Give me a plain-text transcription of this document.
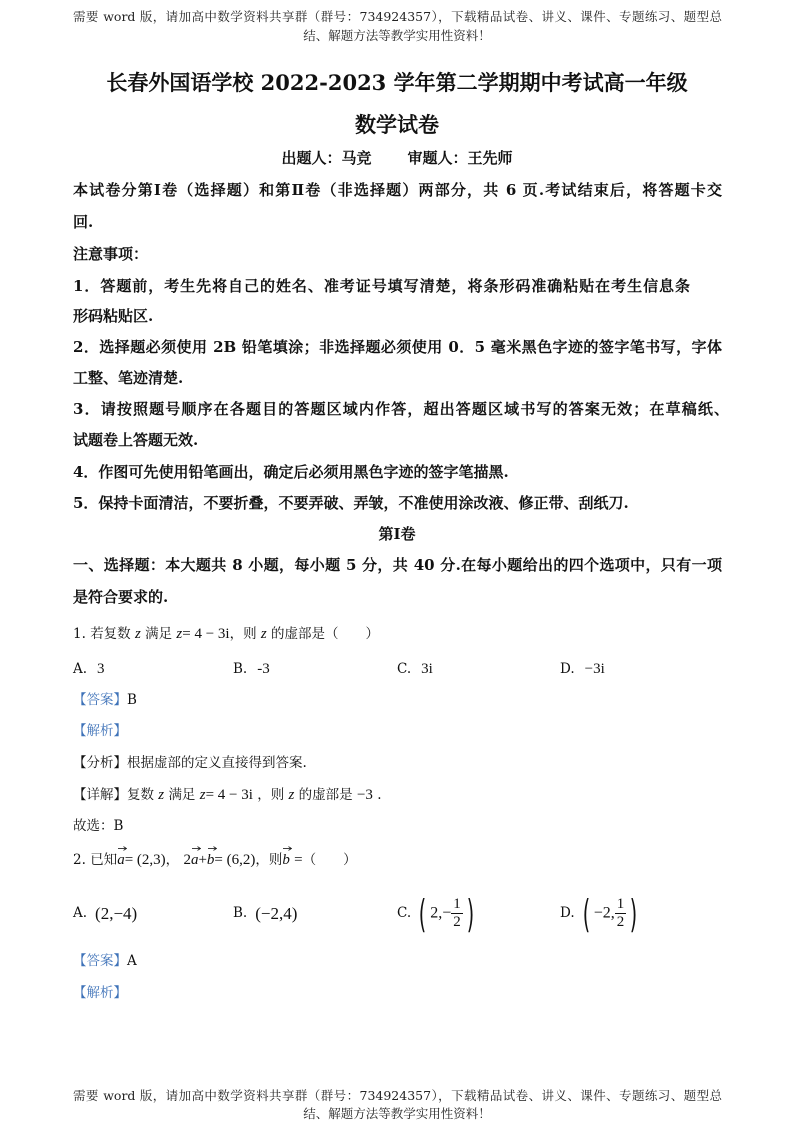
需要 word 版，请加高中数学资料共享群（群号：734924357），下载精品试卷、讲义、课件、专题练习、题型总
结、解题方法等教学实用性资料！
长春外国语学校 2022-2023 学年第二学期期中考试高一年级
数学试卷
出题人：马竞 审题人：王先师
本试卷分第Ⅰ卷（选择题）和第Ⅱ卷（非选择题）两部分，共 6 页.考试结束后，将答题卡交
回.
注意事项：
1．答题前，考生先将自己的姓名、准考证号填写清楚，将条形码准确粘贴在考生信息条
形码粘贴区.
2．选择题必须使用 2B 铅笔填涂；非选择题必须使用 0．5 毫米黑色字迹的签字笔书写，字体
工整、笔迹清楚.
3．请按照题号顺序在各题目的答题区域内作答，超出答题区域书写的答案无效；在草稿纸、
试题卷上答题无效.
4．作图可先使用铅笔画出，确定后必须用黑色字迹的签字笔描黑.
5．保持卡面清洁，不要折叠，不要弄破、弄皱，不准使用涂改液、修正带、刮纸刀.
第Ⅰ卷
一、选择题：本大题共 8 小题，每小题 5 分，共 40 分.在每小题给出的四个选项中，只有一项
是符合要求的.
1. 若复数 z 满足 z= 4 − 3i，则 z 的虚部是（　　）
A. 3	B. -3	C. 3i	D. −3i
【答案】B
【解析】
【分析】根据虚部的定义直接得到答案.
【详解】复数 z 满足 z= 4 − 3i ，则 z 的虚部是 −3 .
故选：B
2. 已知a
= (2,3)， 2a
+b
= (6,2)，则b =（　　）
A. (2,−4)	B. (−2,4)	C. ( $2,- \frac{1}{2}$ )	D. ( −2, $\frac{1}{2}$ )
【答案】A
【解析】
需要 word 版，请加高中数学资料共享群（群号：734924357），下载精品试卷、讲义、课件、专题练习、题型总
结、解题方法等教学实用性资料！
